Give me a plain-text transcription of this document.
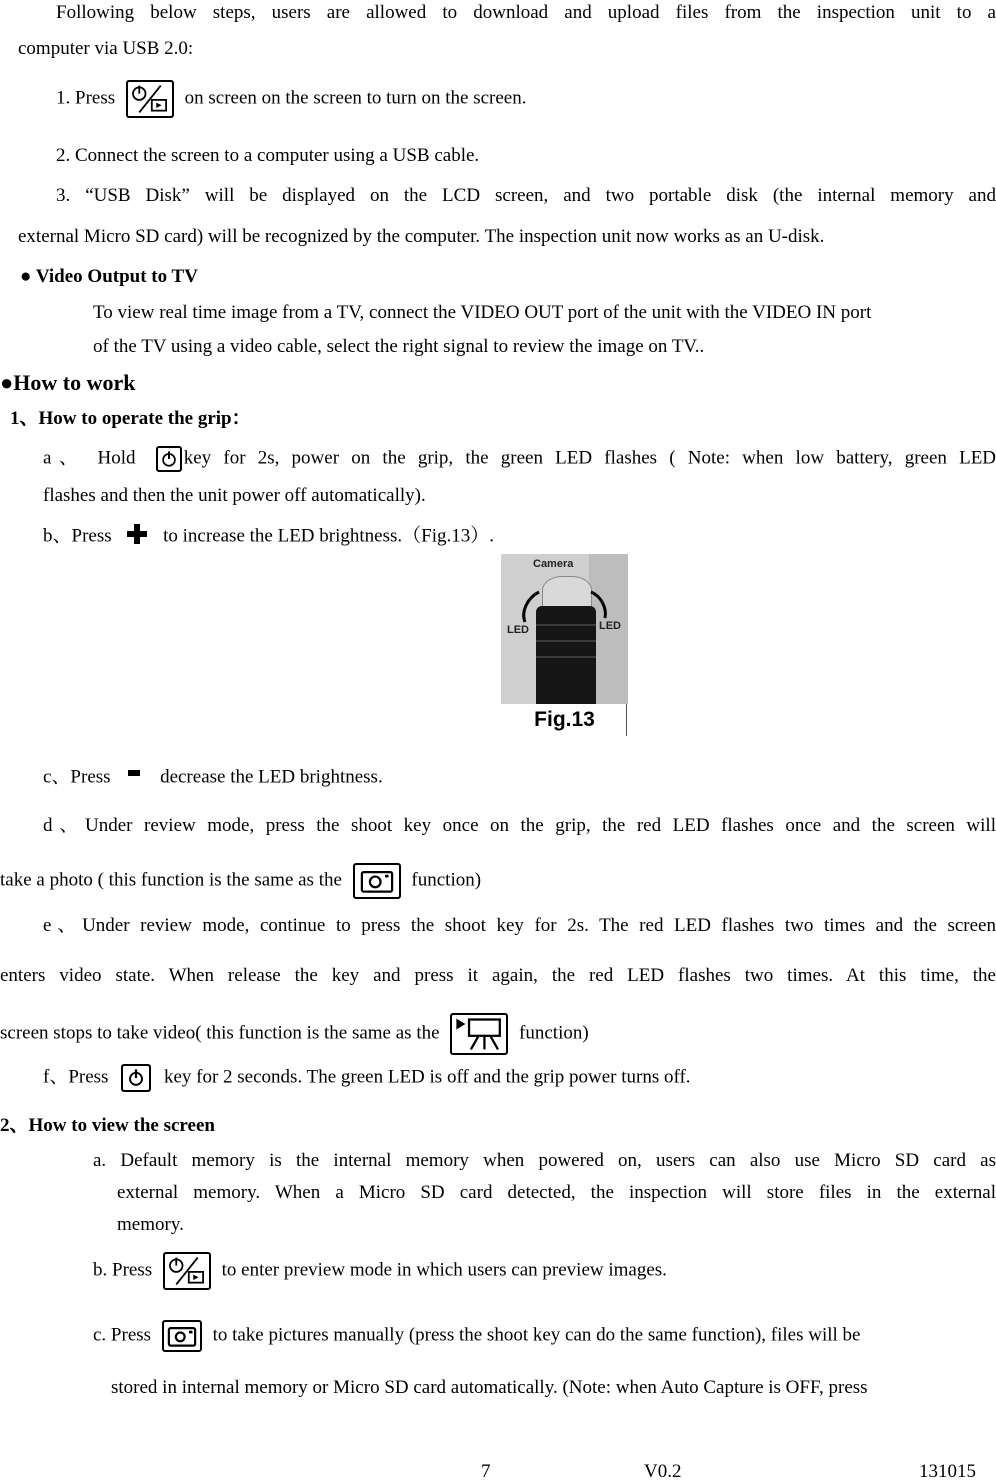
Following below steps, users are allowed to download and upload files from the inspection unit to a
computer via USB 2.0:
1. Press	on screen on the screen to turn on the screen.
2. Connect the screen to a computer using a USB cable.
3. “USB Disk” will be displayed on the LCD screen, and two portable disk (the internal memory and
external Micro SD card) will be recognized by the computer. The inspection unit now works as an U-disk.
● Video Output to TV
To view real time image from a TV, connect the VIDEO OUT port of the unit with the VIDEO IN port
of the TV using a video cable, select the right signal to review the image on TV..
●How to work
1、How to operate the grip：
a、 Hold	key for 2s, power on the grip, the green LED flashes ( Note: when low battery, green LED
flashes and then the unit power off automatically).
b、Press	to increase the LED brightness.（Fig.13）.
Camera
LED	LED
Fig.13
c、Press	decrease the LED brightness.
d、Under review mode, press the shoot key once on the grip, the red LED flashes once and the screen will
take a photo ( this function is the same as the	function)
e、Under review mode, continue to press the shoot key for 2s. The red LED flashes two times and the screen
enters video state. When release the key and press it again, the red LED flashes two times. At this time, the
screen stops to take video( this function is the same as the	function)
f、Press	key for 2 seconds. The green LED is off and the grip power turns off.
2、How to view the screen
a. Default memory is the internal memory when powered on, users can also use Micro SD card as
external memory. When a Micro SD card detected, the inspection will store files in the external
memory.
b. Press	to enter preview mode in which users can preview images.
c. Press	to take pictures manually (press the shoot key can do the same function), files will be
stored in internal memory or Micro SD card automatically. (Note: when Auto Capture is OFF, press
7	V0.2	131015
